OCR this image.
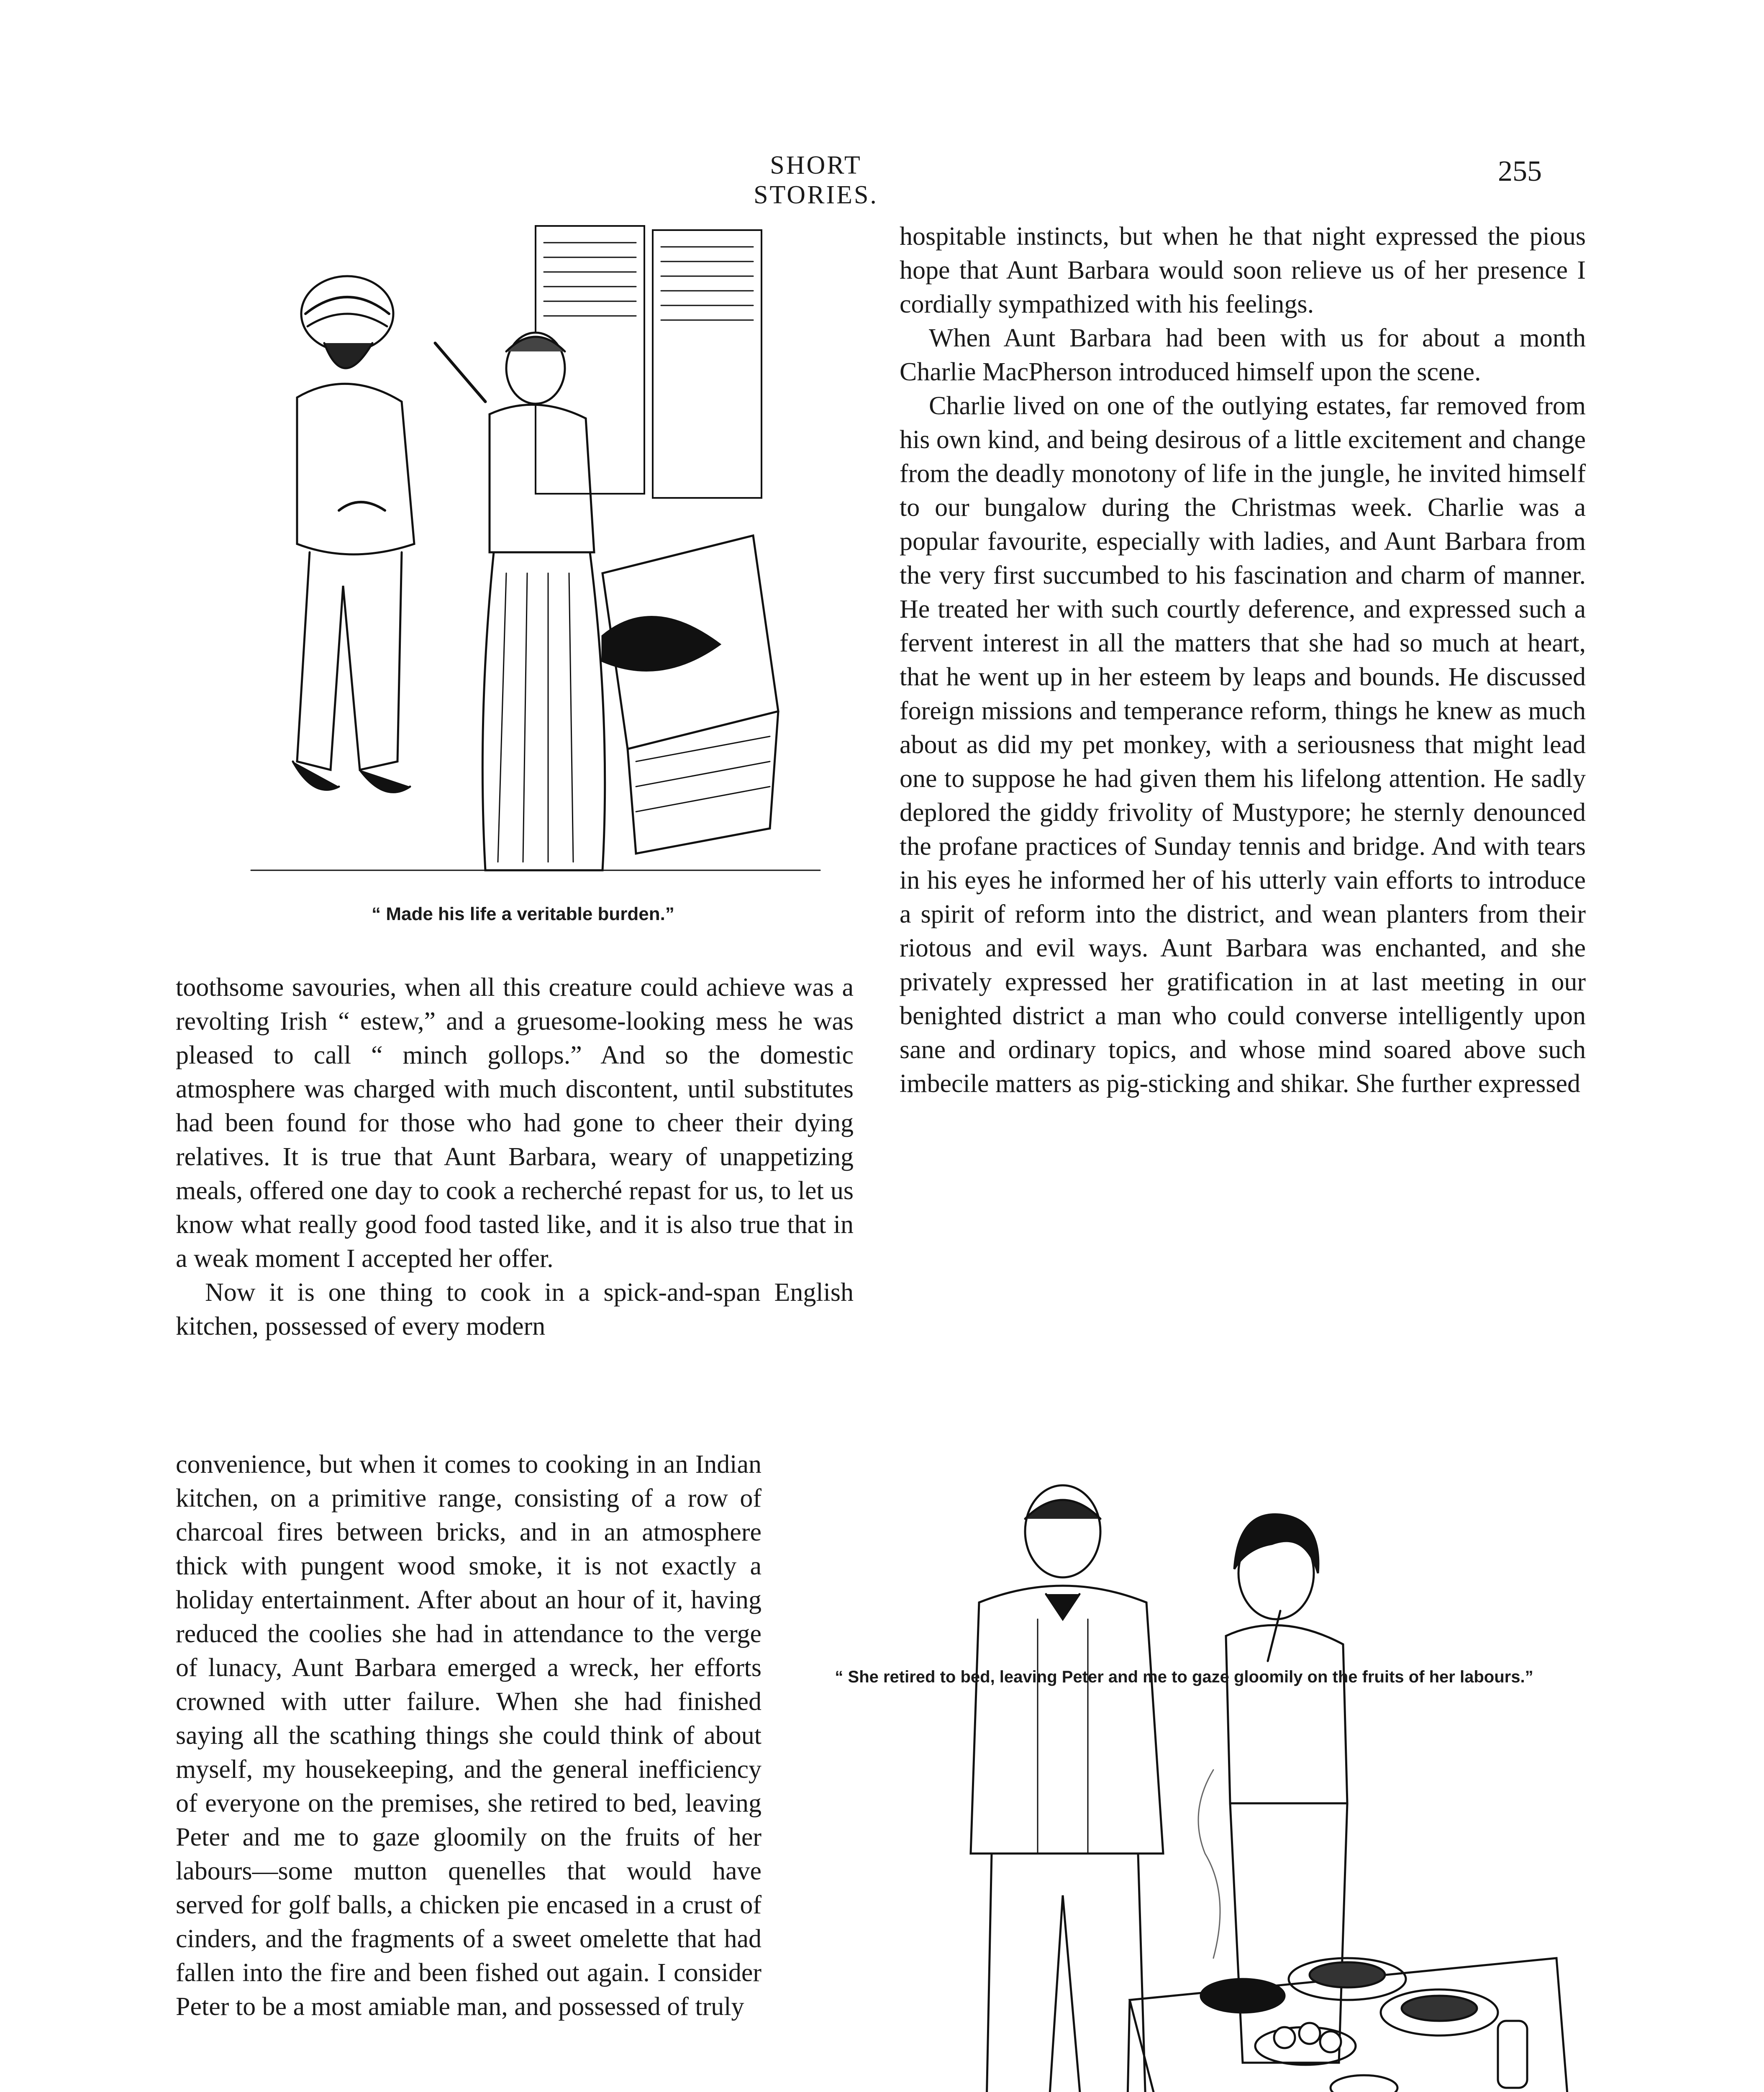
SHORT STORIES.
255
“ Made his life a veritable burden.”

hospitable instincts, but when he that night expressed the pious hope that Aunt Barbara would soon relieve us of her presence I cordially sympathized with his feelings.

When Aunt Barbara had been with us for about a month Charlie MacPherson introduced himself upon the scene.

Charlie lived on one of the outlying estates, far removed from his own kind, and being desirous of a little excitement and change from the deadly monotony of life in the jungle, he invited himself to our bungalow during the Christmas week. Charlie was a popular favourite, especially with ladies, and Aunt Barbara from the very first succumbed to his fascination and charm of manner. He treated her with such courtly deference, and expressed such a fervent interest in all the matters that she had so much at heart, that he went up in her esteem by leaps and bounds. He discussed foreign missions and temperance reform, things he knew as much about as did my pet monkey, with a seriousness that might lead one to suppose he had given them his lifelong attention. He sadly deplored the giddy frivolity of Mustypore; he sternly denounced the profane practices of Sunday tennis and bridge. And with tears in his eyes he informed her of his utterly vain efforts to introduce a spirit of reform into the district, and wean planters from their riotous and evil ways. Aunt Barbara was enchanted, and she privately expressed her gratification in at last meeting in our benighted district a man who could converse intelligently upon sane and ordinary topics, and whose mind soared above such imbecile matters as pig-sticking and shikar. She further expressed

toothsome savouries, when all this creature could achieve was a revolting Irish “ estew,” and a gruesome-looking mess he was pleased to call “ minch gollops.” And so the domestic atmosphere was charged with much discontent, until substitutes had been found for those who had gone to cheer their dying relatives. It is true that Aunt Barbara, weary of unappetizing meals, offered one day to cook a recherché repast for us, to let us know what really good food tasted like, and it is also true that in a weak moment I accepted her offer.

Now it is one thing to cook in a spick-and-span English kitchen, possessed of every modern

convenience, but when it comes to cooking in an Indian kitchen, on a primitive range, consisting of a row of charcoal fires between bricks, and in an atmosphere thick with pungent wood smoke, it is not exactly a holiday entertainment. After about an hour of it, having reduced the coolies she had in attendance to the verge of lunacy, Aunt Barbara emerged a wreck, her efforts crowned with utter failure. When she had finished saying all the scathing things she could think of about myself, my housekeeping, and the general inefficiency of everyone on the premises, she retired to bed, leaving Peter and me to gaze gloomily on the fruits of her labours—some mutton quenelles that would have served for golf balls, a chicken pie encased in a crust of cinders, and the fragments of a sweet omelette that had fallen into the fire and been fished out again. I consider Peter to be a most amiable man, and possessed of truly

“ She retired to bed, leaving Peter and me to gaze gloomily on the fruits of her labours.”
